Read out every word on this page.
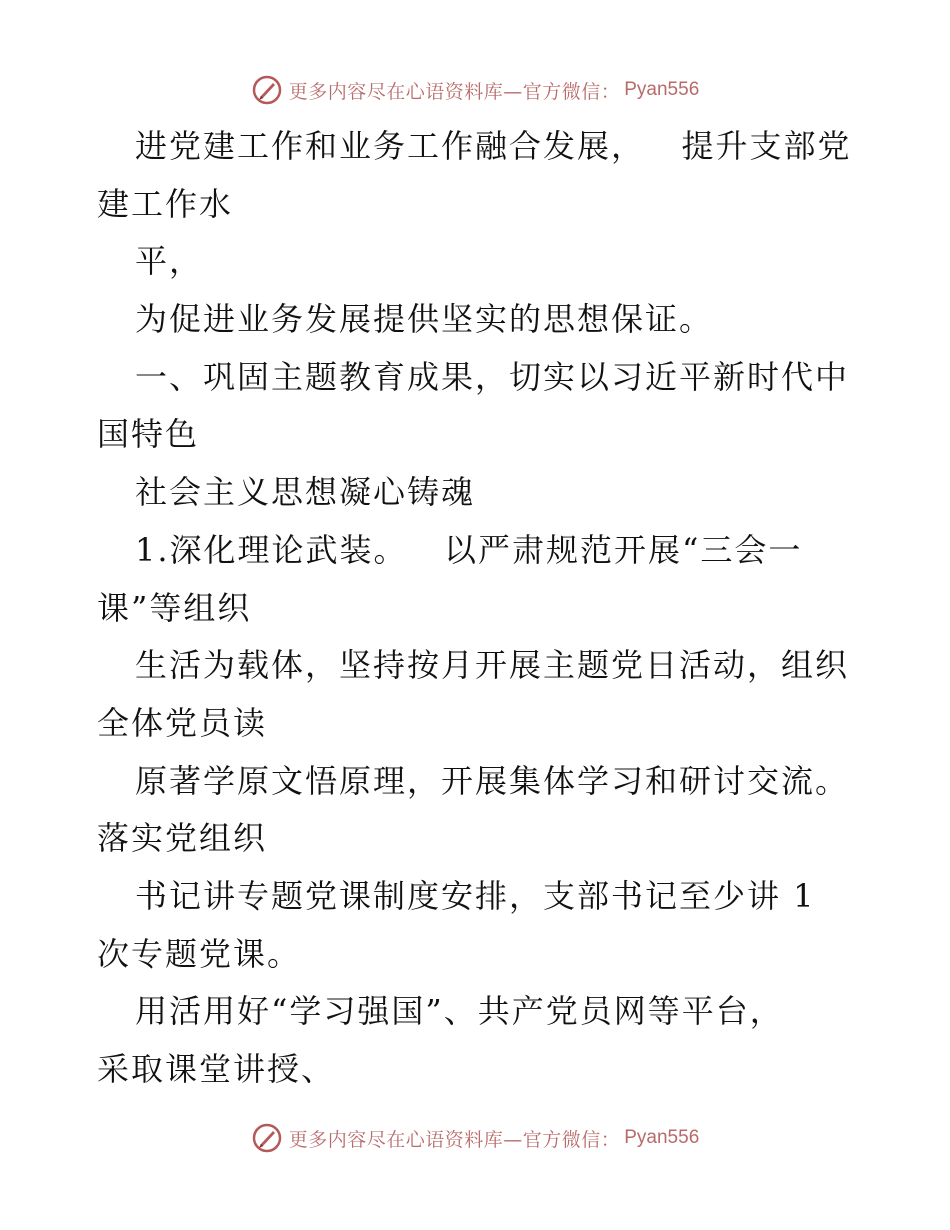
更多内容尽在心语资料库—官方微信： Pyan556
进党建工作和业务工作融合发展，   提升支部党
建工作水
平，
为促进业务发展提供坚实的思想保证。
一、巩固主题教育成果，切实以习近平新时代中
国特色
社会主义思想凝心铸魂
1.深化理论武装。   以严肃规范开展“三会一
课”等组织
生活为载体，坚持按月开展主题党日活动，组织
全体党员读
原著学原文悟原理，开展集体学习和研讨交流。
落实党组织
书记讲专题党课制度安排，支部书记至少讲 1
次专题党课。
用活用好“学习强国”、共产党员网等平台，
采取课堂讲授、
更多内容尽在心语资料库—官方微信： Pyan556
